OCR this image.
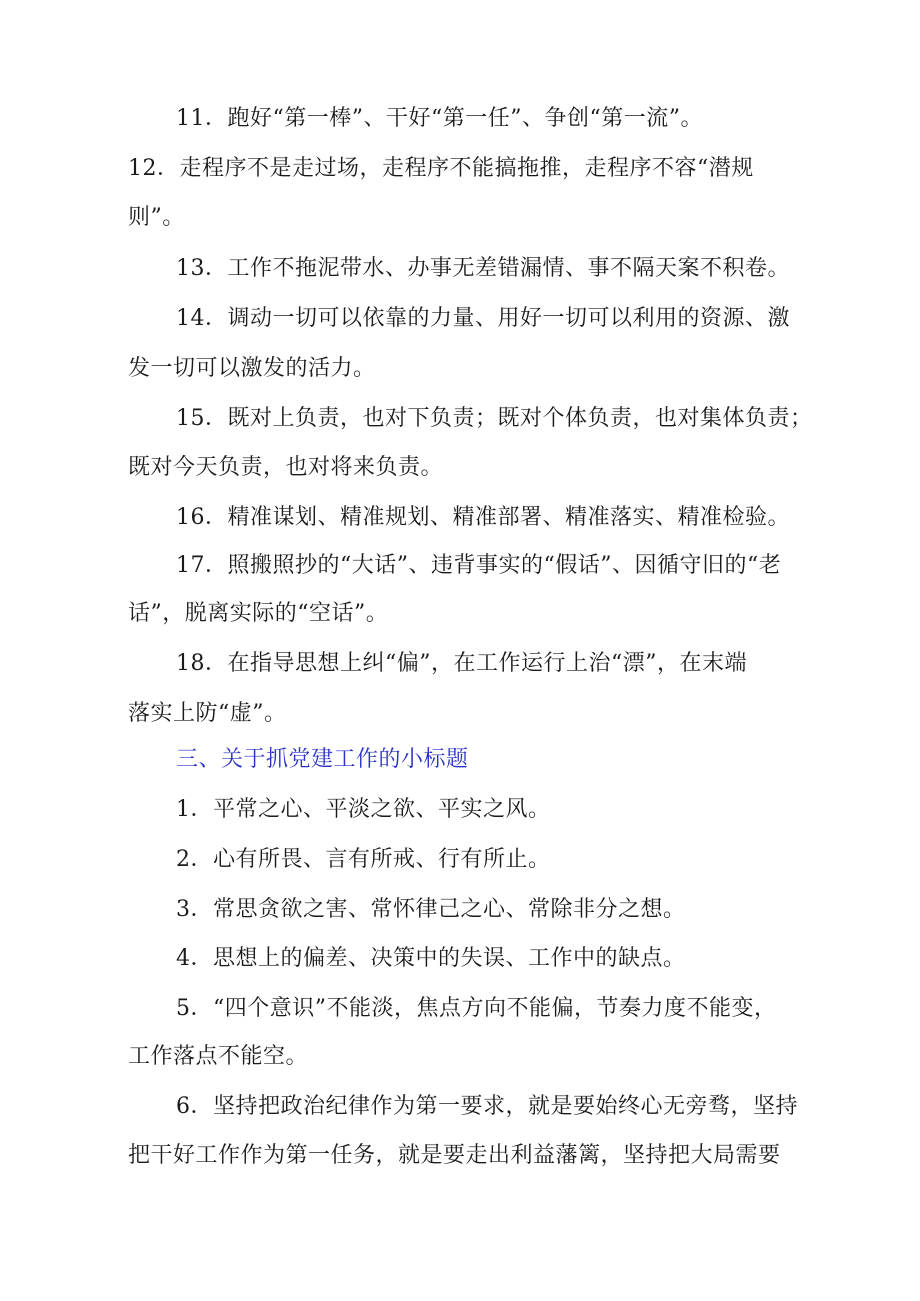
11．跑好“第一棒”、干好“第一任”、争创“第一流”。
12．走程序不是走过场，走程序不能搞拖推，走程序不容“潜规
则”。
13．工作不拖泥带水、办事无差错漏情、事不隔天案不积卷。
14．调动一切可以依靠的力量、用好一切可以利用的资源、激
发一切可以激发的活力。
15．既对上负责，也对下负责；既对个体负责，也对集体负责；
既对今天负责，也对将来负责。
16．精准谋划、精准规划、精准部署、精准落实、精准检验。
17．照搬照抄的“大话”、违背事实的“假话”、因循守旧的“老
话”，脱离实际的“空话”。
18．在指导思想上纠“偏”，在工作运行上治“漂”，在末端
落实上防“虚”。
三、关于抓党建工作的小标题
1．平常之心、平淡之欲、平实之风。
2．心有所畏、言有所戒、行有所止。
3．常思贪欲之害、常怀律己之心、常除非分之想。
4．思想上的偏差、决策中的失误、工作中的缺点。
5．“四个意识”不能淡，焦点方向不能偏，节奏力度不能变，
工作落点不能空。
6．坚持把政治纪律作为第一要求，就是要始终心无旁骛，坚持
把干好工作作为第一任务，就是要走出利益藩篱，坚持把大局需要
